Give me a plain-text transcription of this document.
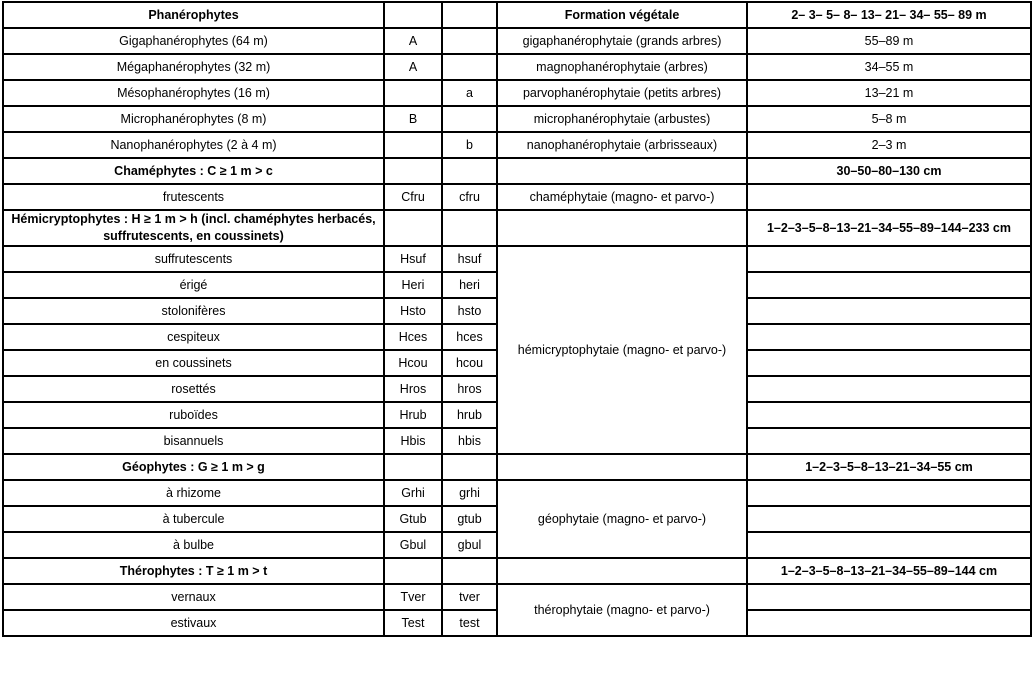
Phanérophytes			Formation végétale	2– 3– 5– 8– 13– 21– 34– 55– 89 m
Gigaphanérophytes (64 m)	A		gigaphanérophytaie (grands arbres)	55–89 m
Mégaphanérophytes (32 m)	A		magnophanérophytaie (arbres)	34–55 m
Mésophanérophytes (16 m)		a	parvophanérophytaie (petits arbres)	13–21 m
Microphanérophytes (8 m)	B		microphanérophytaie (arbustes)	5–8 m
Nanophanérophytes (2 à 4 m)		b	nanophanérophytaie (arbrisseaux)	2–3 m
Chaméphytes : C ≥ 1 m > c				30–50–80–130 cm
frutescents	Cfru	cfru	chaméphytaie (magno- et parvo-)	
Hémicryptophytes : H ≥ 1 m > h (incl. chaméphytes herbacés, suffrutescents, en coussinets)				1–2–3–5–8–13–21–34–55–89–144–233 cm
suffrutescents	Hsuf	hsuf	hémicryptophytaie (magno- et parvo-)	
érigé	Heri	heri		
stolonifères	Hsto	hsto		
cespiteux	Hces	hces		
en coussinets	Hcou	hcou		
rosettés	Hros	hros		
ruboïdes	Hrub	hrub		
bisannuels	Hbis	hbis		
Géophytes : G ≥ 1 m > g				1–2–3–5–8–13–21–34–55 cm
à rhizome	Grhi	grhi	géophytaie (magno- et parvo-)	
à tubercule	Gtub	gtub		
à bulbe	Gbul	gbul		
Thérophytes : T ≥ 1 m > t				1–2–3–5–8–13–21–34–55–89–144 cm
vernaux	Tver	tver	thérophytaie (magno- et parvo-)	
estivaux	Test	test		
